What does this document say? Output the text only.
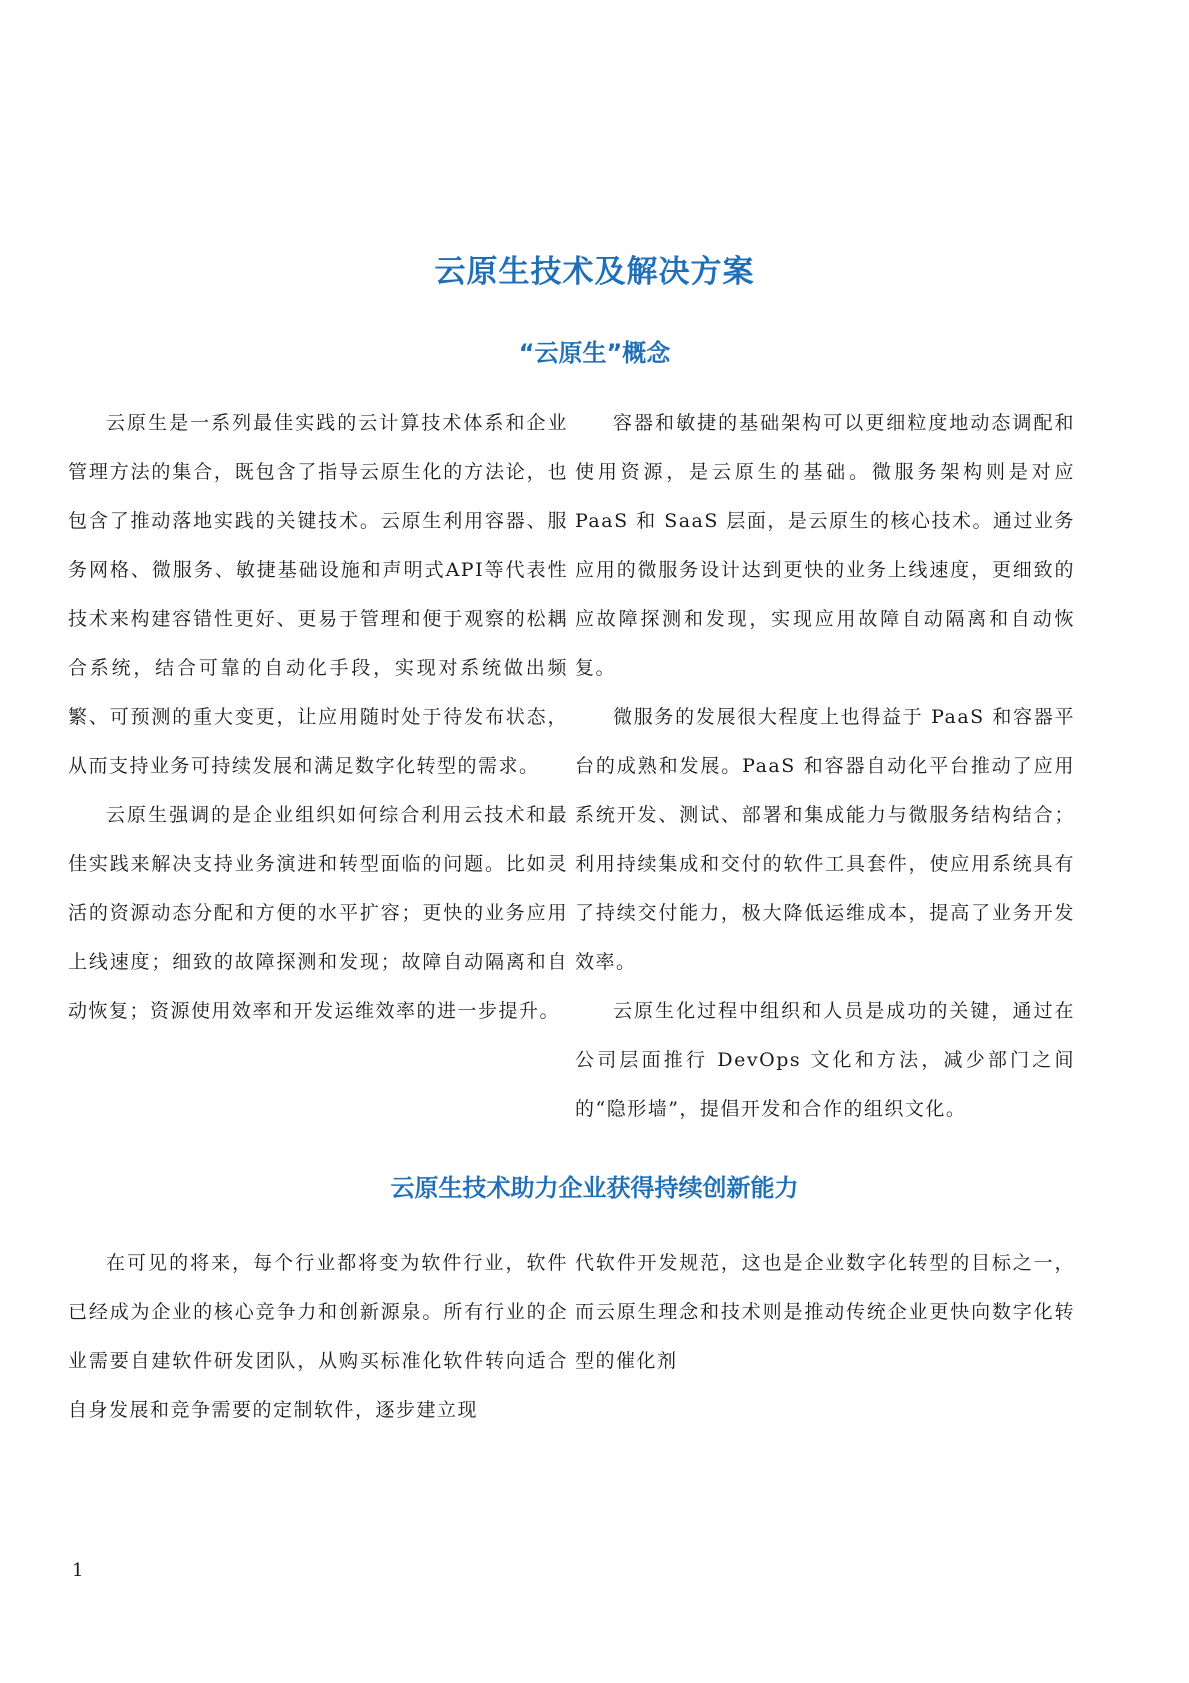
云原生技术及解决方案
“云原生”概念

云原生是一系列最佳实践的云计算技术体系和企业管理方法的集合，既包含了指导云原生化的方法论，也包含了推动落地实践的关键技术。云原生利用容器、服务网格、微服务、敏捷基础设施和声明式API等代表性技术来构建容错性更好、更易于管理和便于观察的松耦合系统，结合可靠的自动化手段，实现对系统做出频繁、可预测的重大变更，让应用随时处于待发布状态，从而支持业务可持续发展和满足数字化转型的需求。

云原生强调的是企业组织如何综合利用云技术和最佳实践来解决支持业务演进和转型面临的问题。比如灵活的资源动态分配和方便的水平扩容；更快的业务应用上线速度；细致的故障探测和发现；故障自动隔离和自动恢复；资源使用效率和开发运维效率的进一步提升。

容器和敏捷的基础架构可以更细粒度地动态调配和使用资源，是云原生的基础。微服务架构则是对应 PaaS 和 SaaS 层面，是云原生的核心技术。通过业务应用的微服务设计达到更快的业务上线速度，更细致的应故障探测和发现，实现应用故障自动隔离和自动恢复。

微服务的发展很大程度上也得益于 PaaS 和容器平台的成熟和发展。PaaS 和容器自动化平台推动了应用系统开发、测试、部署和集成能力与微服务结构结合；利用持续集成和交付的软件工具套件，使应用系统具有了持续交付能力，极大降低运维成本，提高了业务开发效率。

云原生化过程中组织和人员是成功的关键，通过在公司层面推行 DevOps 文化和方法，减少部门之间的“隐形墙”，提倡开发和合作的组织文化。

云原生技术助力企业获得持续创新能力

在可见的将来，每个行业都将变为软件行业，软件已经成为企业的核心竞争力和创新源泉。所有行业的企业需要自建软件研发团队，从购买标准化软件转向适合自身发展和竞争需要的定制软件，逐步建立现

代软件开发规范，这也是企业数字化转型的目标之一，而云原生理念和技术则是推动传统企业更快向数字化转型的催化剂

1
